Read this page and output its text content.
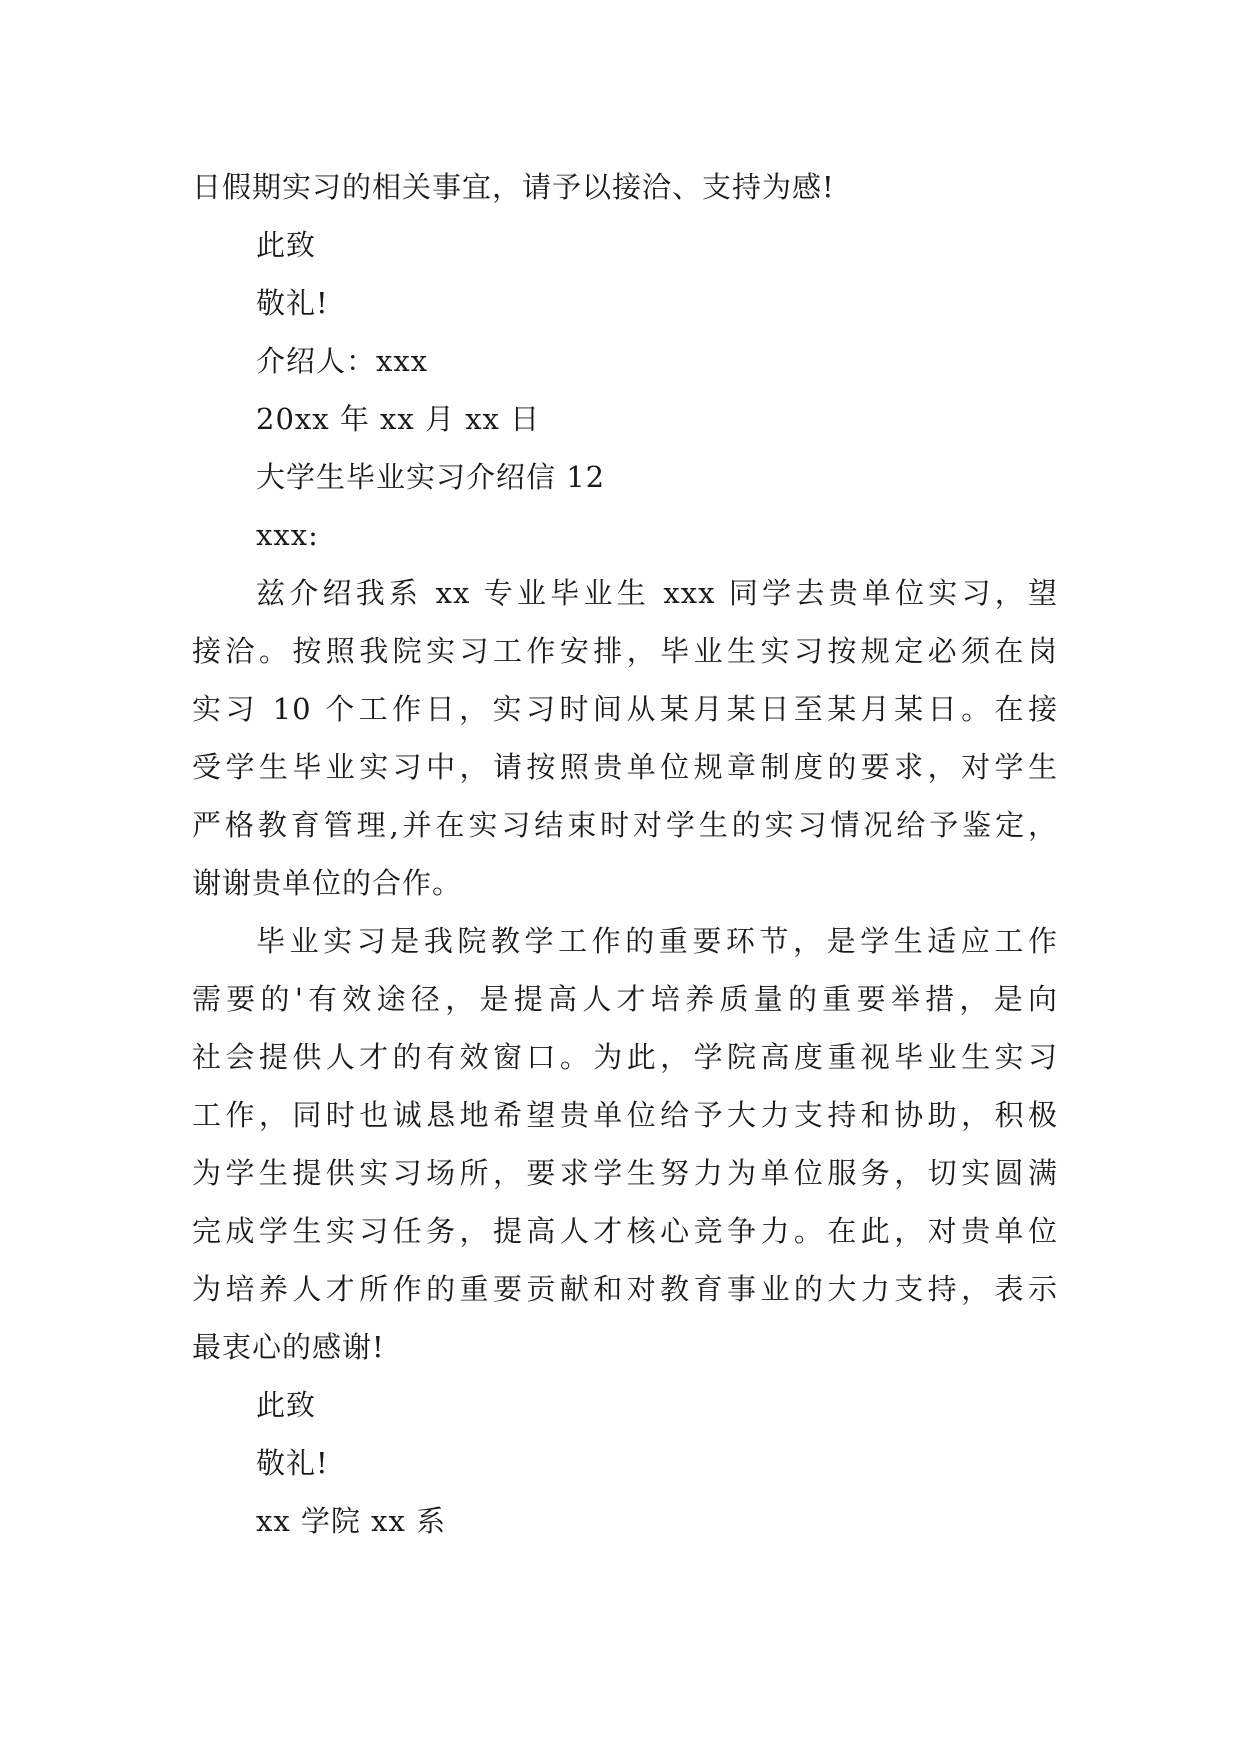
日假期实习的相关事宜，请予以接洽、支持为感!
此致
敬礼!
介绍人：xxx
20xx 年 xx 月 xx 日
大学生毕业实习介绍信 12
xxx:
兹介绍我系 xx 专业毕业生 xxx 同学去贵单位实习，望
接洽。按照我院实习工作安排，毕业生实习按规定必须在岗
实习 10 个工作日，实习时间从某月某日至某月某日。在接
受学生毕业实习中，请按照贵单位规章制度的要求，对学生
严格教育管理,并在实习结束时对学生的实习情况给予鉴定，
谢谢贵单位的合作。
毕业实习是我院教学工作的重要环节，是学生适应工作
需要的'有效途径，是提高人才培养质量的重要举措，是向
社会提供人才的有效窗口。为此，学院高度重视毕业生实习
工作，同时也诚恳地希望贵单位给予大力支持和协助，积极
为学生提供实习场所，要求学生努力为单位服务，切实圆满
完成学生实习任务，提高人才核心竞争力。在此，对贵单位
为培养人才所作的重要贡献和对教育事业的大力支持，表示
最衷心的感谢!
此致
敬礼!
xx 学院 xx 系
